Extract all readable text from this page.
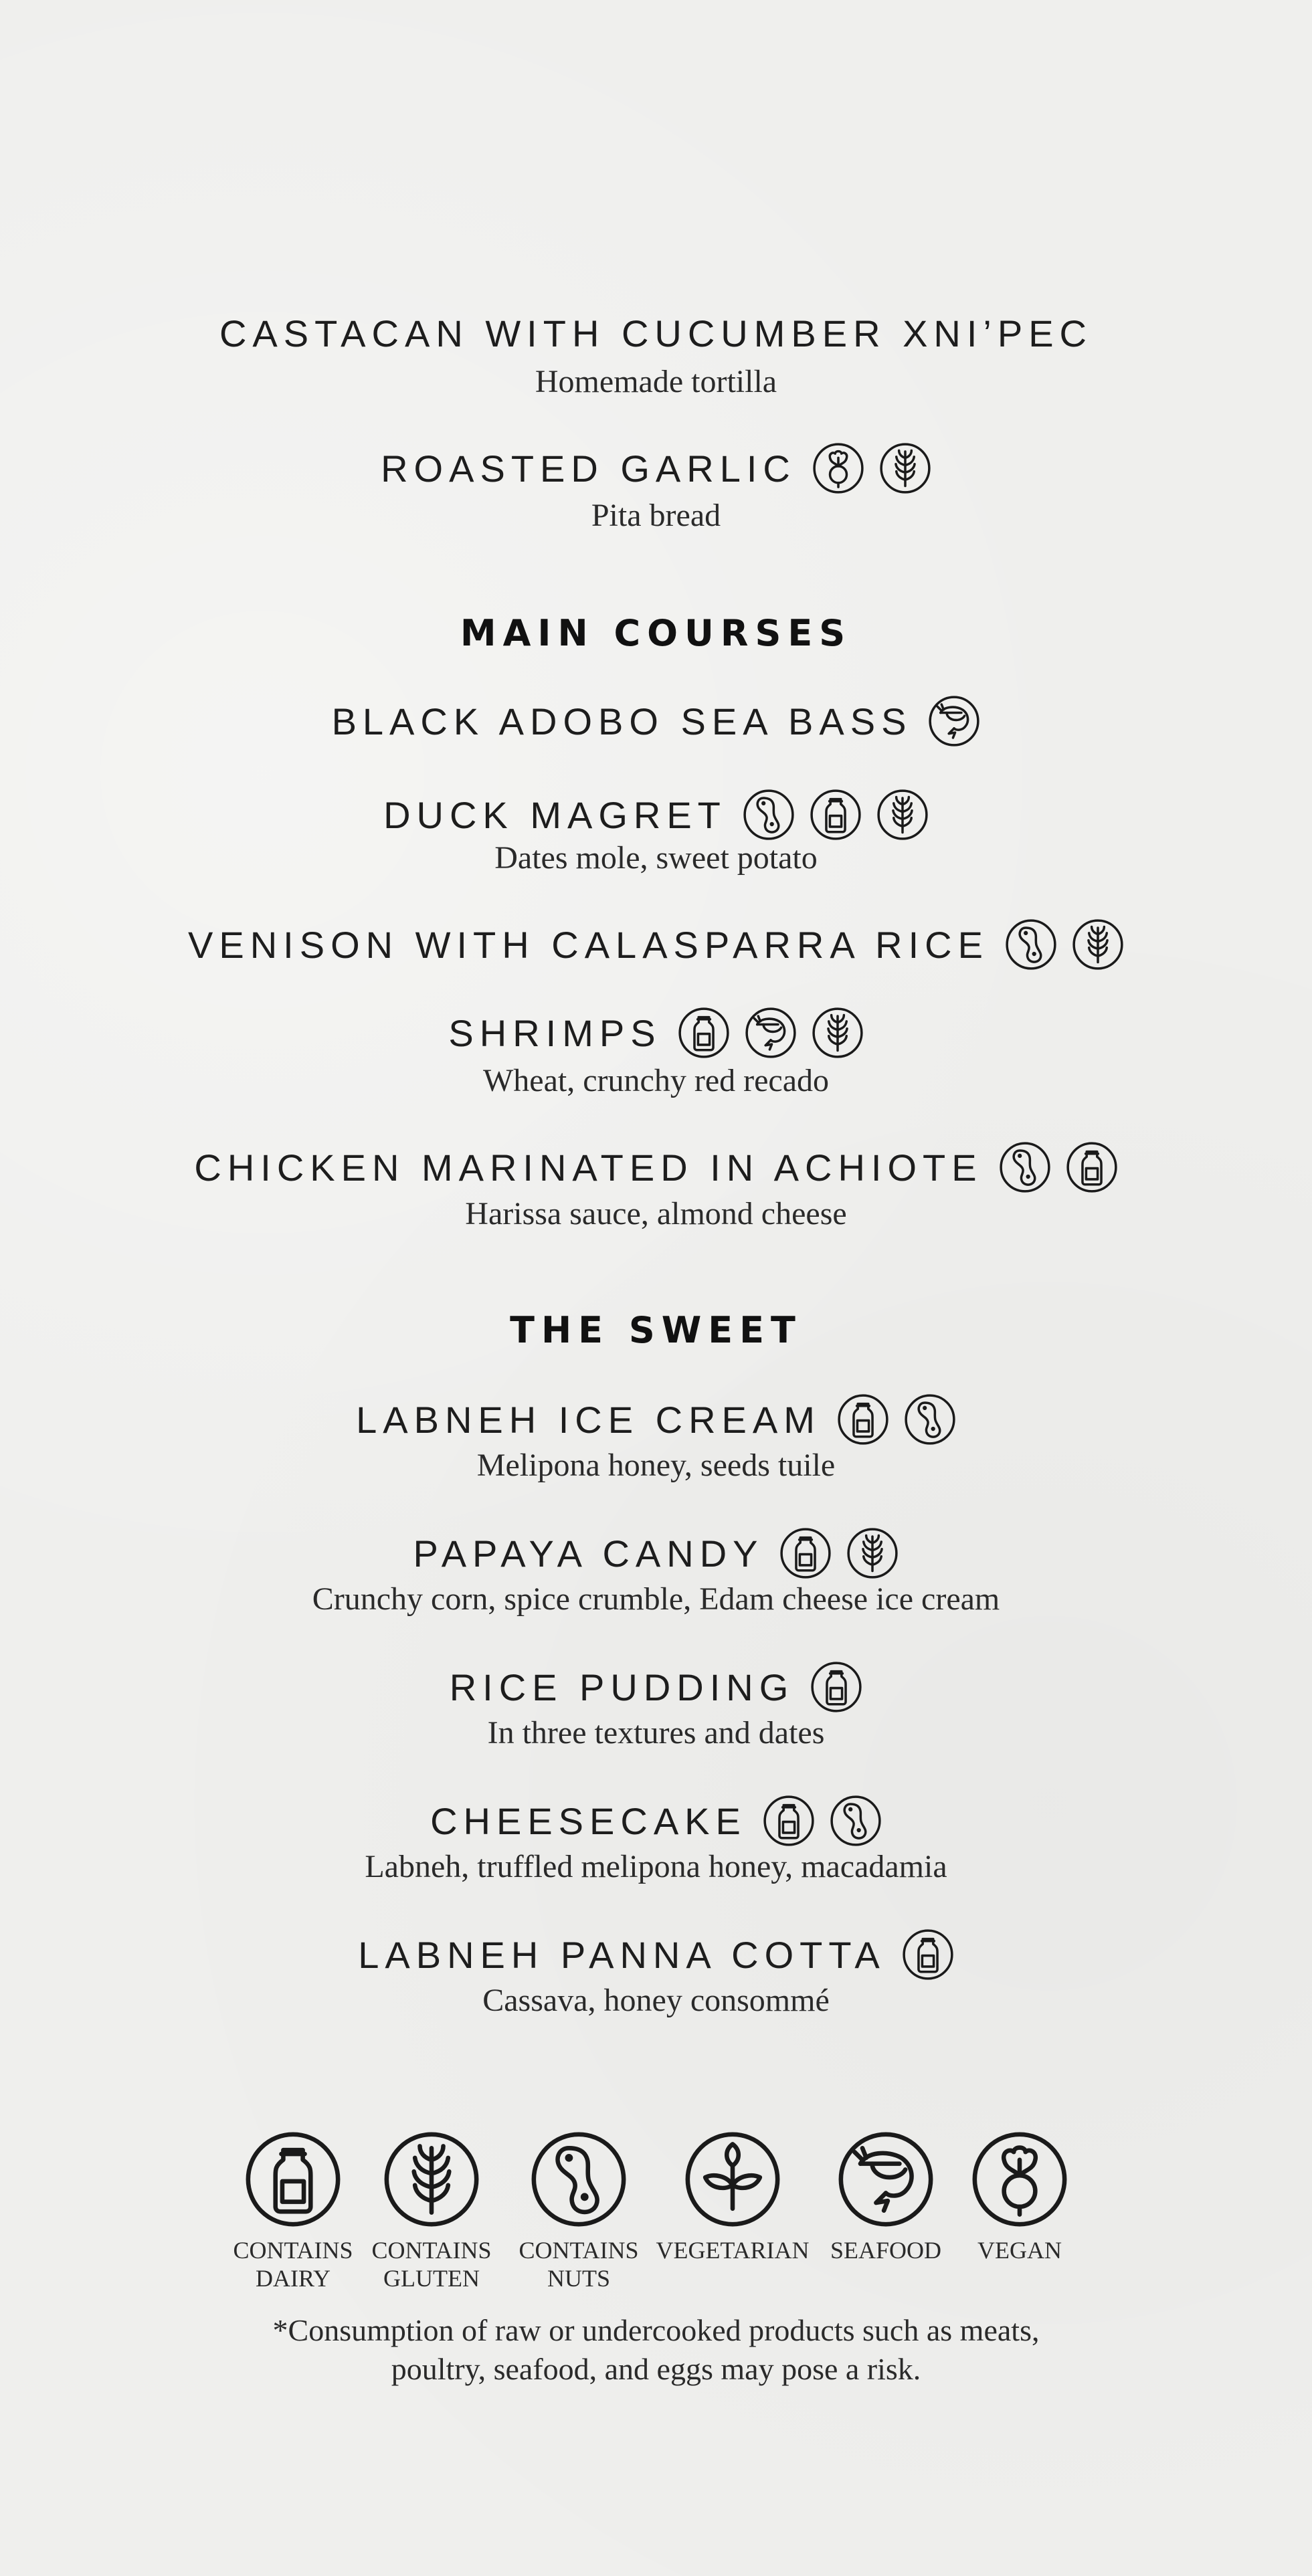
CASTACAN WITH CUCUMBER XNI’PEC
Homemade tortilla
ROASTED GARLIC
Pita bread
MAIN COURSES
BLACK ADOBO SEA BASS
DUCK MAGRET
Dates mole, sweet potato
VENISON WITH CALASPARRA RICE
SHRIMPS
Wheat, crunchy red recado
CHICKEN MARINATED IN ACHIOTE
Harissa sauce, almond cheese
THE SWEET
LABNEH ICE CREAM
Melipona honey, seeds tuile
PAPAYA CANDY
Crunchy corn, spice crumble, Edam cheese ice cream
RICE PUDDING
In three textures and dates
CHEESECAKE
Labneh, truffled melipona honey, macadamia
LABNEH PANNA COTTA
Cassava, honey consommé
CONTAINS
DAIRY
CONTAINS
GLUTEN
CONTAINS
NUTS
VEGETARIAN SEAFOOD	VEGAN
*Consumption of raw or undercooked products such as meats,
poultry, seafood, and eggs may pose a risk.
